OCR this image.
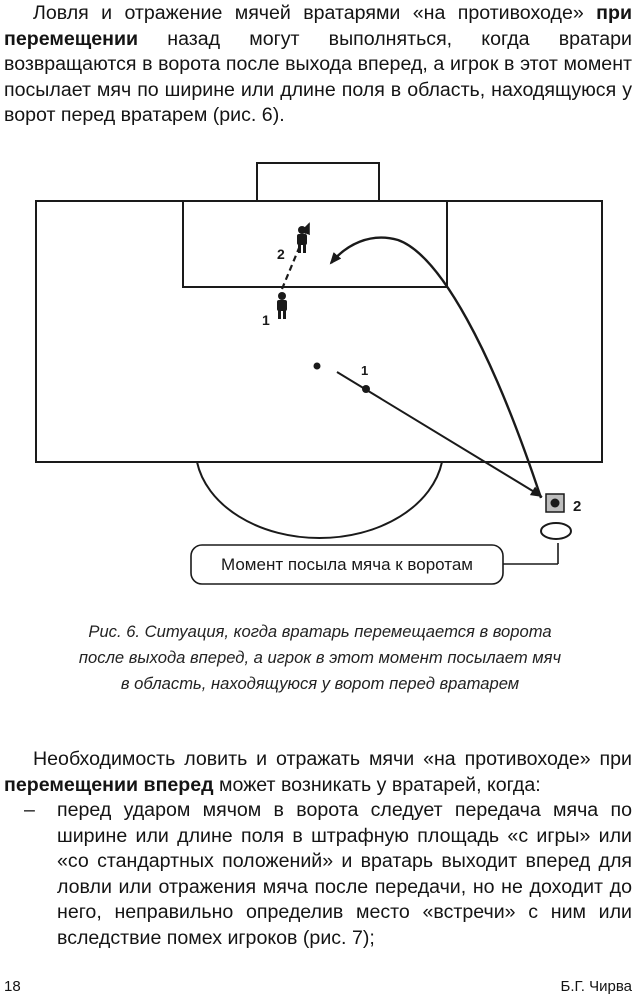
Ловля и отражение мячей вратарями «на противоходе» при перемещении назад могут выполняться, когда вратари возвращаются в ворота после выхода вперед, а игрок в этот момент посылает мяч по ширине или длине поля в область, находящуюся у ворот перед вратарем (рис. 6).

2
1
1
2
Момент посыла мяча к воротам
Рис. 6. Ситуация, когда вратарь перемещается в ворота
после выхода вперед, а игрок в этот момент посылает мяч
в область, находящуюся у ворот перед вратарем

Необходимость ловить и отражать мячи «на противоходе» при перемещении вперед может возникать у вратарей, когда:

– перед ударом мячом в ворота следует передача мяча по ширине или длине поля в штрафную площадь «с игры» или «со стандартных положений» и вратарь выходит вперед для ловли или отражения мяча после передачи, но не доходит до него, неправильно определив место «встречи» с ним или вследствие помех игроков (рис. 7);

18	Б.Г. Чирва
